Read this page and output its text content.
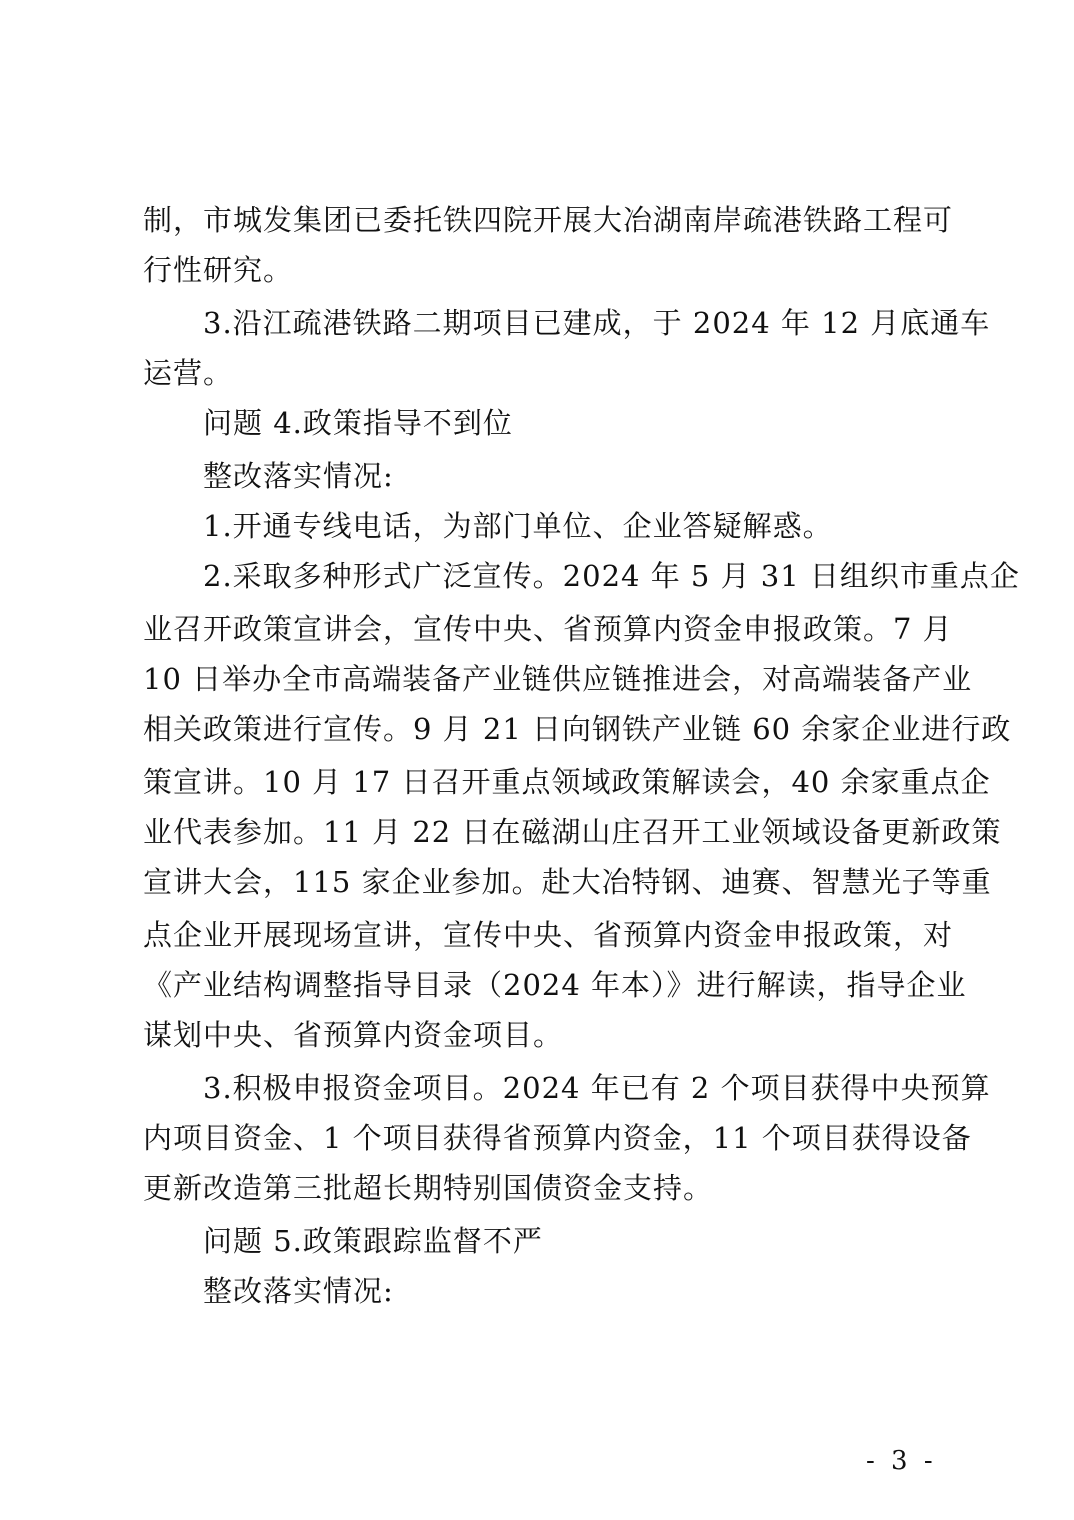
制，市城发集团已委托铁四院开展大冶湖南岸疏港铁路工程可
行性研究。
3.沿江疏港铁路二期项目已建成，于 2024 年 12 月底通车
运营。
问题 4.政策指导不到位
整改落实情况:
1.开通专线电话，为部门单位、企业答疑解惑。
2.采取多种形式广泛宣传。2024 年 5 月 31 日组织市重点企
业召开政策宣讲会，宣传中央、省预算内资金申报政策。7 月
10 日举办全市高端装备产业链供应链推进会，对高端装备产业
相关政策进行宣传。9 月 21 日向钢铁产业链 60 余家企业进行政
策宣讲。10 月 17 日召开重点领域政策解读会，40 余家重点企
业代表参加。11 月 22 日在磁湖山庄召开工业领域设备更新政策
宣讲大会，115 家企业参加。赴大冶特钢、迪赛、智慧光子等重
点企业开展现场宣讲，宣传中央、省预算内资金申报政策，对
《产业结构调整指导目录（2024 年本）》进行解读，指导企业
谋划中央、省预算内资金项目。
3.积极申报资金项目。2024 年已有 2 个项目获得中央预算
内项目资金、1 个项目获得省预算内资金，11 个项目获得设备
更新改造第三批超长期特别国债资金支持。
问题 5.政策跟踪监督不严
整改落实情况:
- 3 -
